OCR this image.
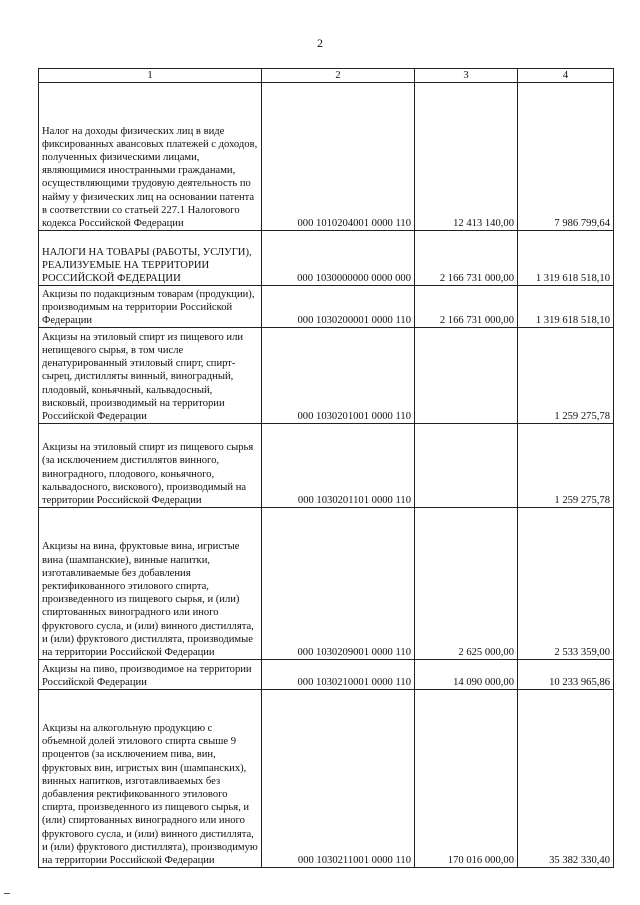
2
1	2	3	4
Налог на доходы физических лиц в виде фиксированных авансовых платежей с доходов, полученных физическими лицами, являющимися иностранными гражданами, осуществляющими трудовую деятельность по найму у физических лиц на основании патента в соответствии со статьей 227.1 Налогового кодекса Российской Федерации	000 1010204001 0000 110	12 413 140,00	7 986 799,64
НАЛОГИ НА ТОВАРЫ (РАБОТЫ, УСЛУГИ), РЕАЛИЗУЕМЫЕ НА ТЕРРИТОРИИ РОССИЙСКОЙ ФЕДЕРАЦИИ	000 1030000000 0000 000	2 166 731 000,00	1 319 618 518,10
Акцизы по подакцизным товарам (продукции), производимым на территории Российской Федерации	000 1030200001 0000 110	2 166 731 000,00	1 319 618 518,10
Акцизы на этиловый спирт из пищевого или непищевого сырья, в том числе денатурированный этиловый спирт, спирт-сырец, дистилляты винный, виноградный, плодовый, коньячный, кальвадосный, висковый, производимый на территории Российской Федерации	000 1030201001 0000 110		1 259 275,78
Акцизы на этиловый спирт из пищевого сырья (за исключением дистиллятов винного, виноградного, плодового, коньячного, кальвадосного, вискового), производимый на территории Российской Федерации	000 1030201101 0000 110		1 259 275,78
Акцизы на вина, фруктовые вина, игристые вина (шампанские), винные напитки, изготавливаемые без добавления ректификованного этилового спирта, произведенного из пищевого сырья, и (или) спиртованных виноградного или иного фруктового сусла, и (или) винного дистиллята, и (или) фруктового дистиллята, производимые на территории Российской Федерации	000 1030209001 0000 110	2 625 000,00	2 533 359,00
Акцизы на пиво, производимое на территории Российской Федерации	000 1030210001 0000 110	14 090 000,00	10 233 965,86
Акцизы на алкогольную продукцию с объемной долей этилового спирта свыше 9 процентов (за исключением пива, вин, фруктовых вин, игристых вин (шампанских), винных напитков, изготавливаемых без добавления ректификованного этилового спирта, произведенного из пищевого сырья, и (или) спиртованных виноградного или иного фруктового сусла, и (или) винного дистиллята, и (или) фруктового дистиллята), производимую на территории Российской Федерации	000 1030211001 0000 110	170 016 000,00	35 382 330,40
